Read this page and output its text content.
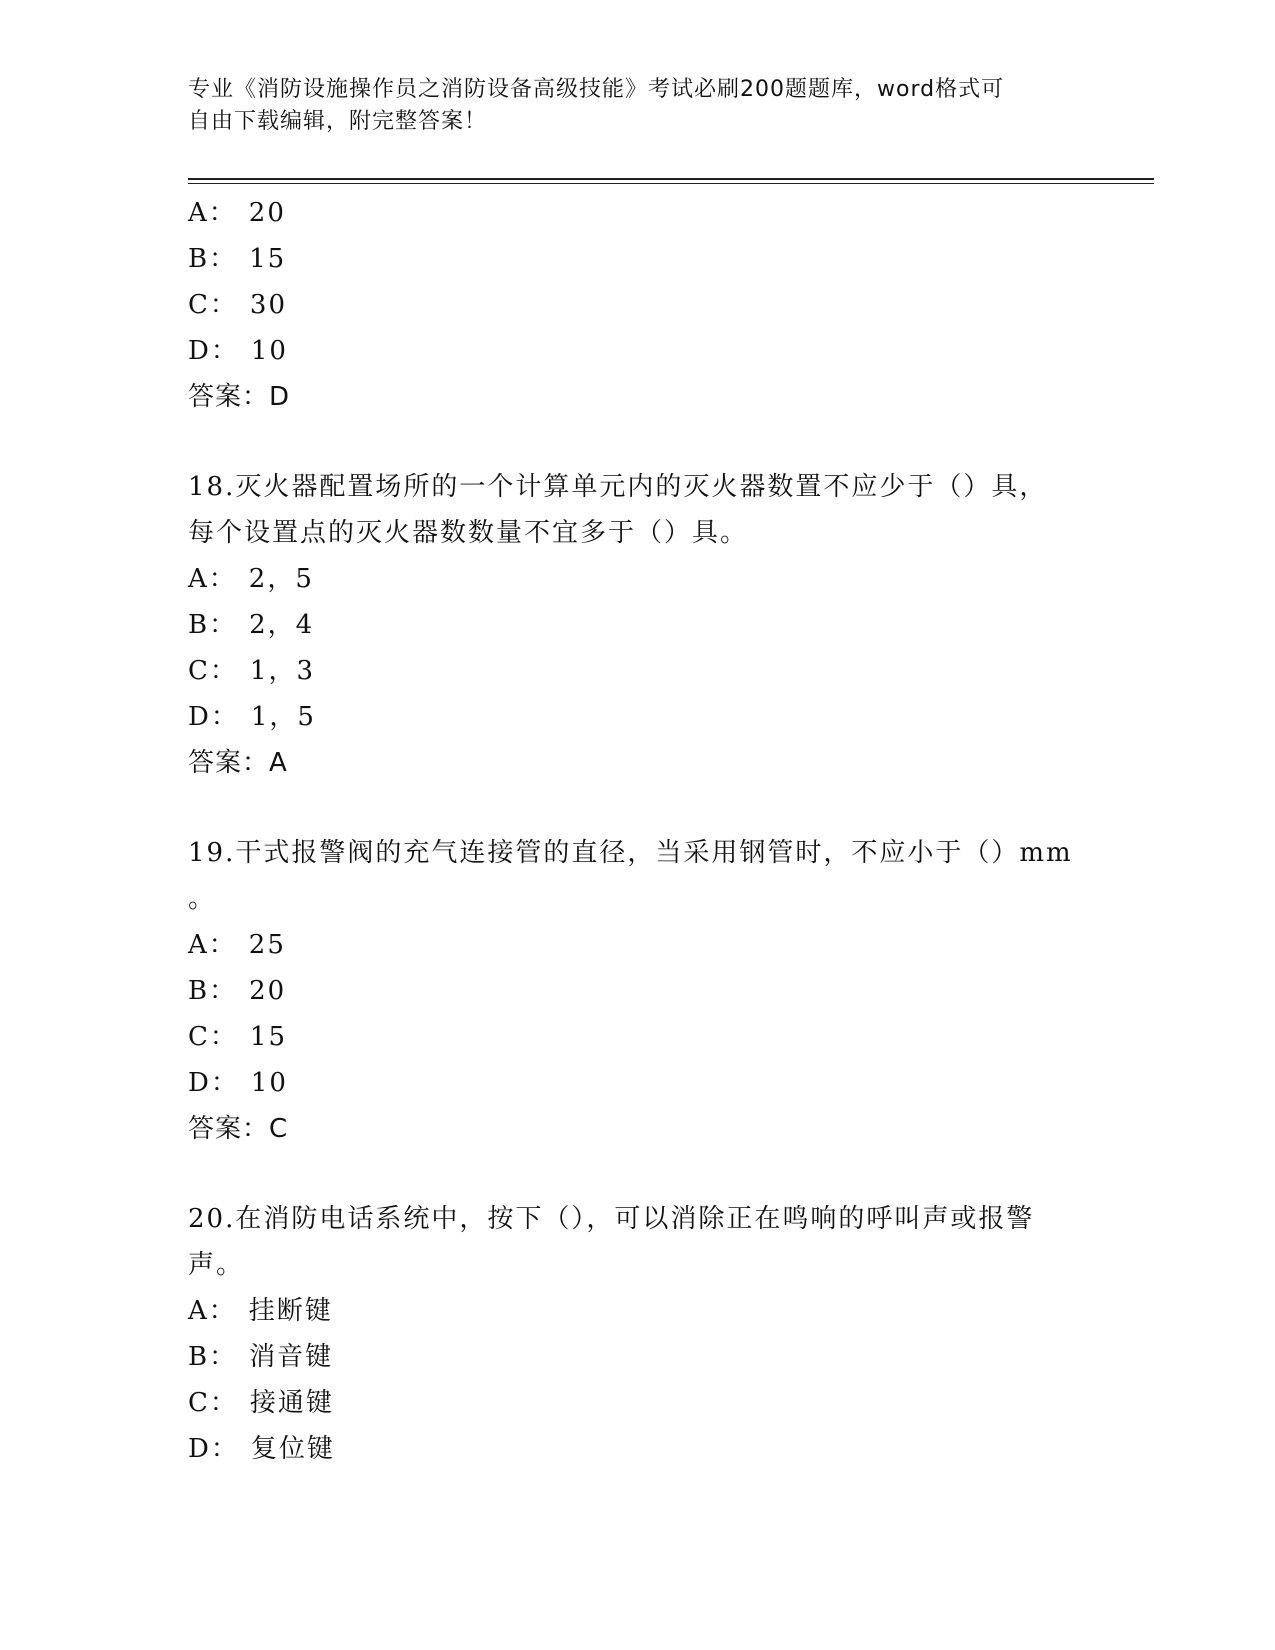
专业《消防设施操作员之消防设备高级技能》考试必刷200题题库，word格式可
自由下载编辑，附完整答案！
A： 20
B： 15
C： 30
D： 10
答案：D
18.灭火器配置场所的一个计算单元内的灭火器数置不应少于（）具，
每个设置点的灭火器数数量不宜多于（）具。
A： 2，5
B： 2，4
C： 1，3
D： 1，5
答案：A
19.干式报警阀的充气连接管的直径，当采用钢管时，不应小于（）mm
。
A： 25
B： 20
C： 15
D： 10
答案：C
20.在消防电话系统中，按下（），可以消除正在鸣响的呼叫声或报警
声。
A： 挂断键
B： 消音键
C： 接通键
D： 复位键
